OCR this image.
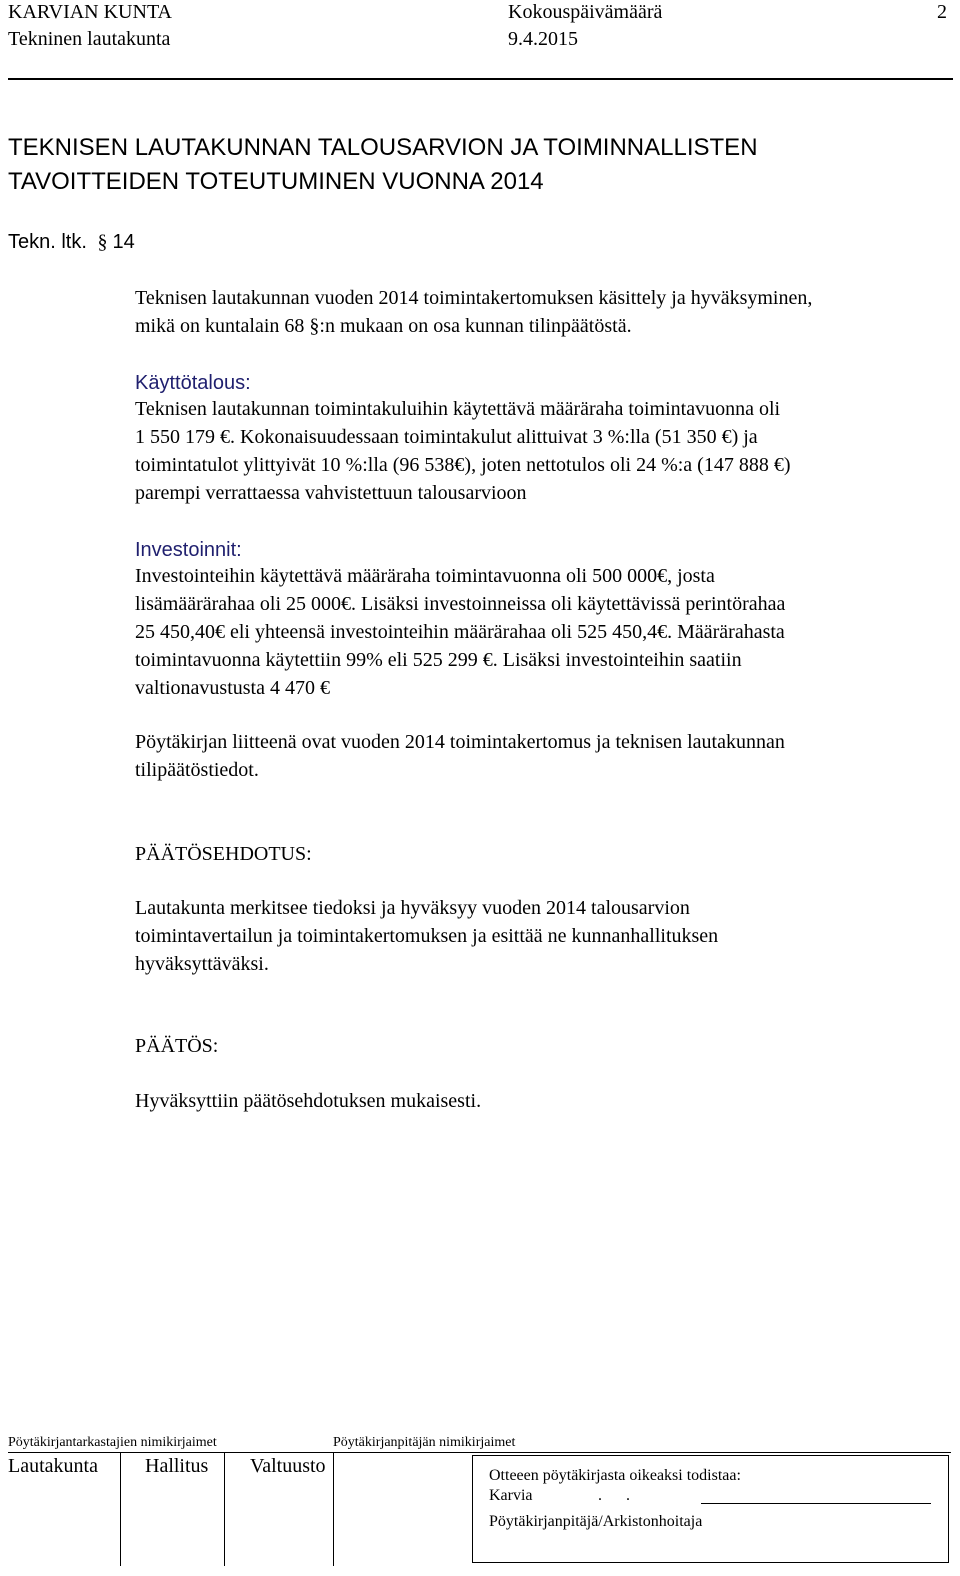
KARVIAN KUNTA	Kokouspäivämäärä	2
Tekninen lautakunta	9.4.2015
TEKNISEN LAUTAKUNNAN TALOUSARVION JA TOIMINNALLISTEN
TAVOITTEIDEN TOTEUTUMINEN VUONNA 2014
Tekn. ltk.  § 14
Teknisen lautakunnan vuoden 2014 toimintakertomuksen käsittely ja hyväksyminen,
mikä on kuntalain 68 §:n mukaan on osa kunnan tilinpäätöstä.
Käyttötalous:
Teknisen lautakunnan toimintakuluihin käytettävä määräraha toimintavuonna oli
1 550 179 €. Kokonaisuudessaan toimintakulut alittuivat 3 %:lla (51 350 €) ja
toimintatulot ylittyivät 10 %:lla (96 538€), joten nettotulos oli 24 %:a (147 888 €)
parempi verrattaessa vahvistettuun talousarvioon
Investoinnit:
Investointeihin käytettävä määräraha toimintavuonna oli 500 000€, josta
lisämäärärahaa oli 25 000€. Lisäksi investoinneissa oli käytettävissä perintörahaa
25 450,40€ eli yhteensä investointeihin määrärahaa oli 525 450,4€. Määrärahasta
toimintavuonna käytettiin 99% eli 525 299 €. Lisäksi investointeihin saatiin
valtionavustusta 4 470 €
Pöytäkirjan liitteenä ovat vuoden 2014 toimintakertomus ja teknisen lautakunnan
tilipäätöstiedot.
PÄÄTÖSEHDOTUS:
Lautakunta merkitsee tiedoksi ja hyväksyy vuoden 2014 talousarvion
toimintavertailun ja toimintakertomuksen ja esittää ne kunnanhallituksen
hyväksyttäväksi.
PÄÄTÖS:
Hyväksyttiin päätösehdotuksen mukaisesti.
Pöytäkirjantarkastajien nimikirjaimet	Pöytäkirjanpitäjän nimikirjaimet
Lautakunta Hallitus Valtuusto	Otteeen pöytäkirjasta oikeaksi todistaa:
Karvia	.      .
Pöytäkirjanpitäjä/Arkistonhoitaja
